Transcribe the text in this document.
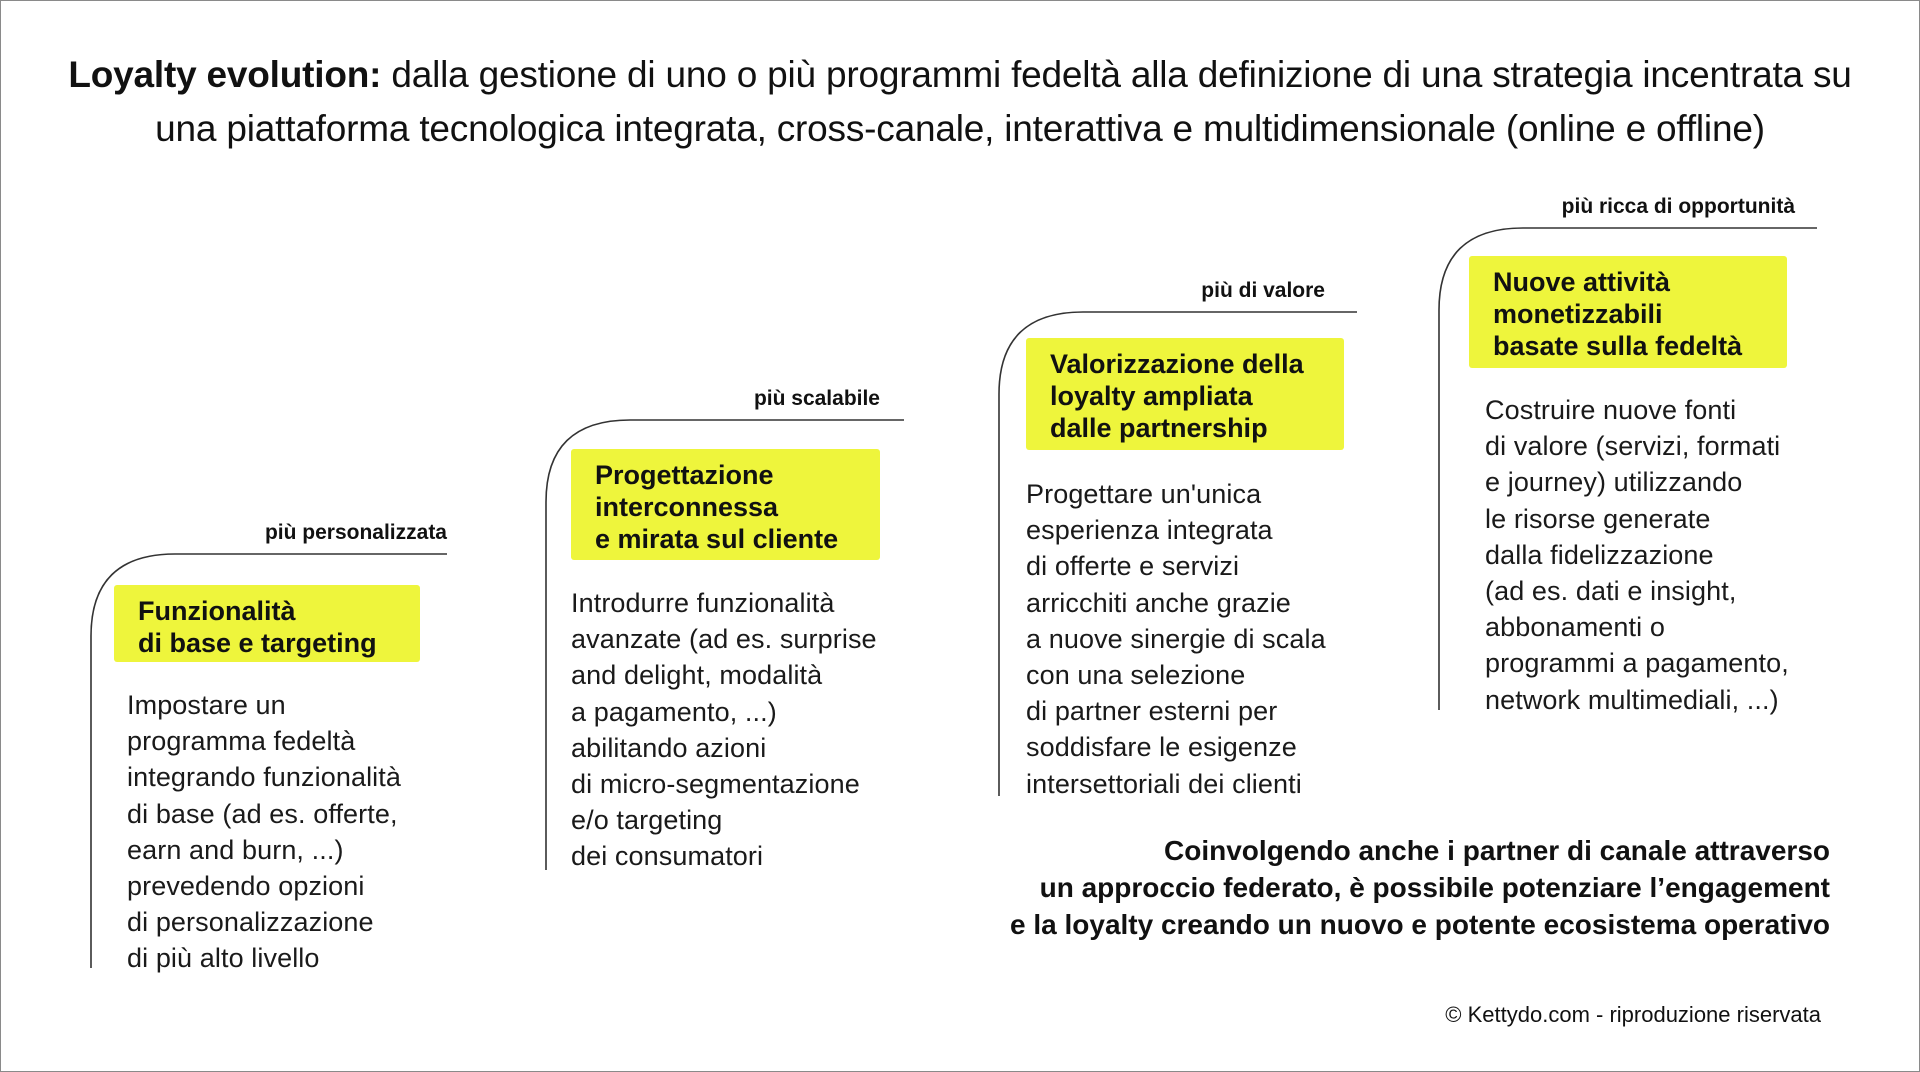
Loyalty evolution: dalla gestione di uno o più programmi fedeltà alla definizione di una strategia incentrata su una piattaforma tecnologica integrata, cross-canale, interattiva e multidimensionale (online e offline)
più personalizzata
Funzionalità
di base e targeting
Impostare un
programma fedeltà
integrando funzionalità
di base (ad es. offerte,
earn and burn, ...)
prevedendo opzioni
di personalizzazione
di più alto livello
più scalabile
Progettazione
interconnessa
e mirata sul cliente
Introdurre funzionalità
avanzate (ad es. surprise
and delight, modalità
a pagamento, ...)
abilitando azioni
di micro-segmentazione
e/o targeting
dei consumatori
più di valore
Valorizzazione della
loyalty ampliata
dalle partnership
Progettare un'unica
esperienza integrata
di offerte e servizi
arricchiti anche grazie
a nuove sinergie di scala
con una selezione
di partner esterni per
soddisfare le esigenze
intersettoriali dei clienti
più ricca di opportunità
Nuove attività
monetizzabili
basate sulla fedeltà
Costruire nuove fonti
di valore (servizi, formati
e journey) utilizzando
le risorse generate
dalla fidelizzazione
(ad es. dati e insight,
abbonamenti o
programmi a pagamento,
network multimediali, ...)
Coinvolgendo anche i partner di canale attraverso
un approccio federato, è possibile potenziare l’engagement
e la loyalty creando un nuovo e potente ecosistema operativo
© Kettydo.com - riproduzione riservata
